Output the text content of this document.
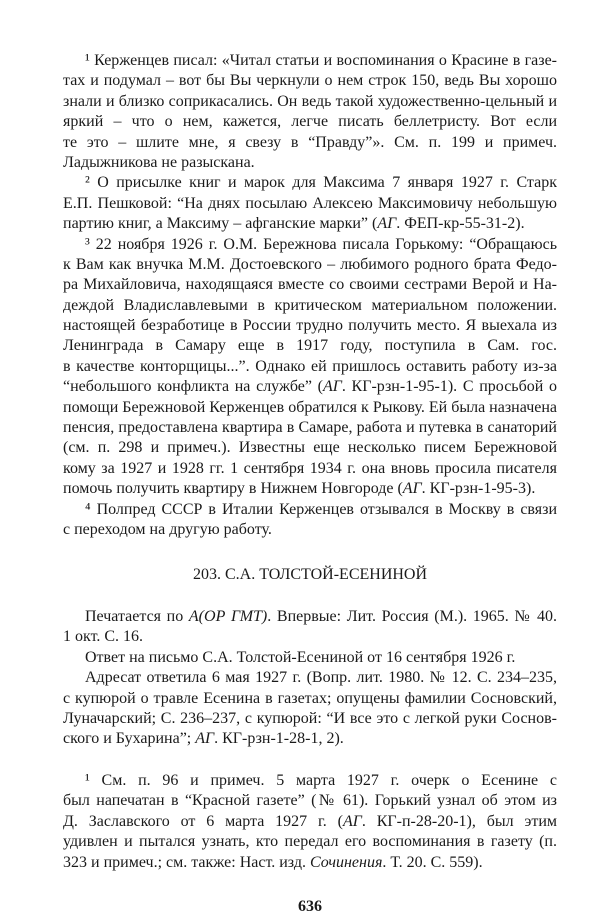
¹ Керженцев писал: «Читал статьи и воспоминания о Красине в газе-
тах и подумал – вот бы Вы черкнули о нем строк 150, ведь Вы хорошо
знали и близко соприкасались. Он ведь такой художественно-цельный и
яркий – что о нем, кажется, легче писать беллетристу. Вот если
те это – шлите мне, я свезу в “Правду”». См. п. 199 и примеч.
Ладыжникова не разыскана.
² О присылке книг и марок для Максима 7 января 1927 г. Старк
Е.П. Пешковой: “На днях посылаю Алексею Максимовичу небольшую
партию книг, а Максиму – афганские марки” (АГ. ФЕП-кр-55-31-2).
³ 22 ноября 1926 г. О.М. Бережнова писала Горькому: “Обращаюсь
к Вам как внучка М.М. Достоевского – любимого родного брата Федо-
ра Михайловича, находящаяся вместе со своими сестрами Верой и На-
деждой Владиславлевыми в критическом материальном положении.
настоящей безработице в России трудно получить место. Я выехала из
Ленинграда в Самару еще в 1917 году, поступила в Сам. гос.
в качестве конторщицы...”. Однако ей пришлось оставить работу из-за
“небольшого конфликта на службе” (АГ. КГ-рзн-1-95-1). С просьбой о
помощи Бережновой Керженцев обратился к Рыкову. Ей была назначена
пенсия, предоставлена квартира в Самаре, работа и путевка в санаторий
(см. п. 298 и примеч.). Известны еще несколько писем Бережновой
кому за 1927 и 1928 гг. 1 сентября 1934 г. она вновь просила писателя
помочь получить квартиру в Нижнем Новгороде (АГ. КГ-рзн-1-95-3).
⁴ Полпред СССР в Италии Керженцев отзывался в Москву в связи
с переходом на другую работу.
203. С.А. ТОЛСТОЙ-ЕСЕНИНОЙ
Печатается по А(ОР ГМТ). Впервые: Лит. Россия (М.). 1965. № 40.
1 окт. С. 16.
Ответ на письмо С.А. Толстой-Есениной от 16 сентября 1926 г.
Адресат ответила 6 мая 1927 г. (Вопр. лит. 1980. № 12. С. 234–235,
с купюрой о травле Есенина в газетах; опущены фамилии Сосновский,
Луначарский; С. 236–237, с купюрой: “И все это с легкой руки Соснов-
ского и Бухарина”; АГ. КГ-рзн-1-28-1, 2).
¹ См. п. 96 и примеч. 5 марта 1927 г. очерк о Есенине с
был напечатан в “Красной газете” (№ 61). Горький узнал об этом из
Д. Заславского от 6 марта 1927 г. (АГ. КГ-п-28-20-1), был этим
удивлен и пытался узнать, кто передал его воспоминания в газету (п.
323 и примеч.; см. также: Наст. изд. Сочинения. Т. 20. С. 559).
636
